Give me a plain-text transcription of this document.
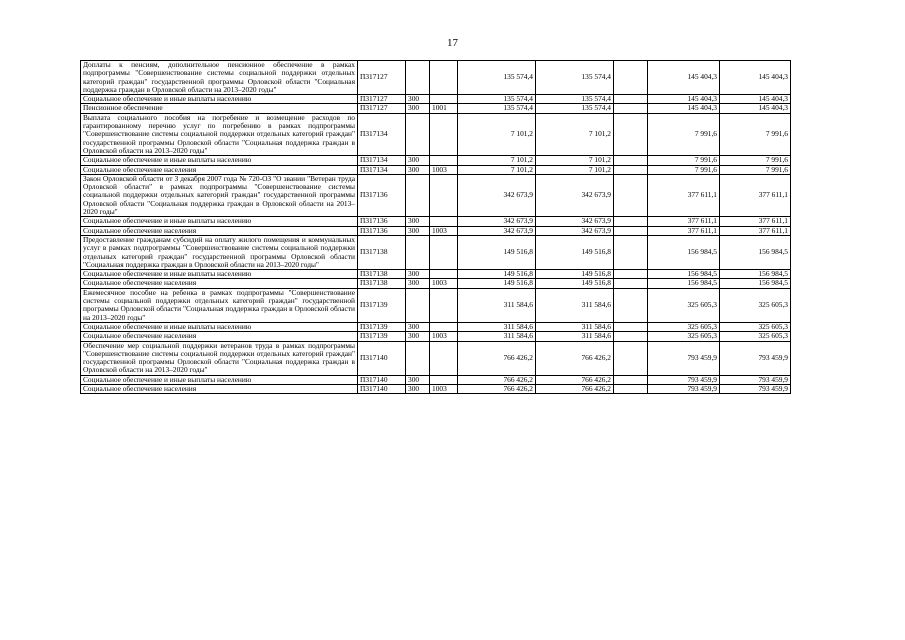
17
Доплаты к пенсиям, дополнительное пенсионное обеспечение в рамках подпрограммы "Совершенствование системы социальной поддержки отдельных категорий граждан" государственной программы Орловской области "Социальная поддержка граждан в Орловской области на 2013–2020 годы"	П317127			135 574,4	135 574,4		145 404,3	145 404,3
Социальное обеспечение и иные выплаты населению	П317127	300		135 574,4	135 574,4		145 404,3	145 404,3
Пенсионное обеспечение	П317127	300	1001	135 574,4	135 574,4		145 404,3	145 404,3
Выплата социального пособия на погребение и возмещение расходов по гарантированному перечню услуг по погребению в рамках подпрограммы "Совершенствование системы социальной поддержки отдельных категорий граждан" государственной программы Орловской области "Социальная поддержка граждан в Орловской области на 2013–2020 годы"	П317134			7 101,2	7 101,2		7 991,6	7 991,6
Социальное обеспечение и иные выплаты населению	П317134	300		7 101,2	7 101,2		7 991,6	7 991,6
Социальное обеспечение населения	П317134	300	1003	7 101,2	7 101,2		7 991,6	7 991,6
Закон Орловской области от 3 декабря 2007 года № 720-ОЗ "О звании "Ветеран труда Орловской области" в рамках подпрограммы "Совершенствование системы социальной поддержки отдельных категорий граждан" государственной программы Орловской области "Социальная поддержка граждан в Орловской области на 2013–2020 годы"	П317136			342 673,9	342 673,9		377 611,1	377 611,1
Социальное обеспечение и иные выплаты населению	П317136	300		342 673,9	342 673,9		377 611,1	377 611,1
Социальное обеспечение населения	П317136	300	1003	342 673,9	342 673,9		377 611,1	377 611,1
Предоставление гражданам субсидий на оплату жилого помещения и коммунальных услуг в рамках подпрограммы "Совершенствование системы социальной поддержки отдельных категорий граждан" государственной программы Орловской области "Социальная поддержка граждан в Орловской области на 2013–2020 годы"	П317138			149 516,8	149 516,8		156 984,5	156 984,5
Социальное обеспечение и иные выплаты населению	П317138	300		149 516,8	149 516,8		156 984,5	156 984,5
Социальное обеспечение населения	П317138	300	1003	149 516,8	149 516,8		156 984,5	156 984,5
Ежемесячное пособие на ребенка в рамках подпрограммы "Совершенствование системы социальной поддержки отдельных категорий граждан" государственной программы Орловской области "Социальная поддержка граждан в Орловской области на 2013–2020 годы"	П317139			311 584,6	311 584,6		325 605,3	325 605,3
Социальное обеспечение и иные выплаты населению	П317139	300		311 584,6	311 584,6		325 605,3	325 605,3
Социальное обеспечение населения	П317139	300	1003	311 584,6	311 584,6		325 605,3	325 605,3
Обеспечение мер социальной поддержки ветеранов труда в рамках подпрограммы "Совершенствование системы социальной поддержки отдельных категорий граждан" государственной программы Орловской области "Социальная поддержка граждан в Орловской области на 2013–2020 годы"	П317140			766 426,2	766 426,2		793 459,9	793 459,9
Социальное обеспечение и иные выплаты населению	П317140	300		766 426,2	766 426,2		793 459,9	793 459,9
Социальное обеспечение населения	П317140	300	1003	766 426,2	766 426,2		793 459,9	793 459,9
